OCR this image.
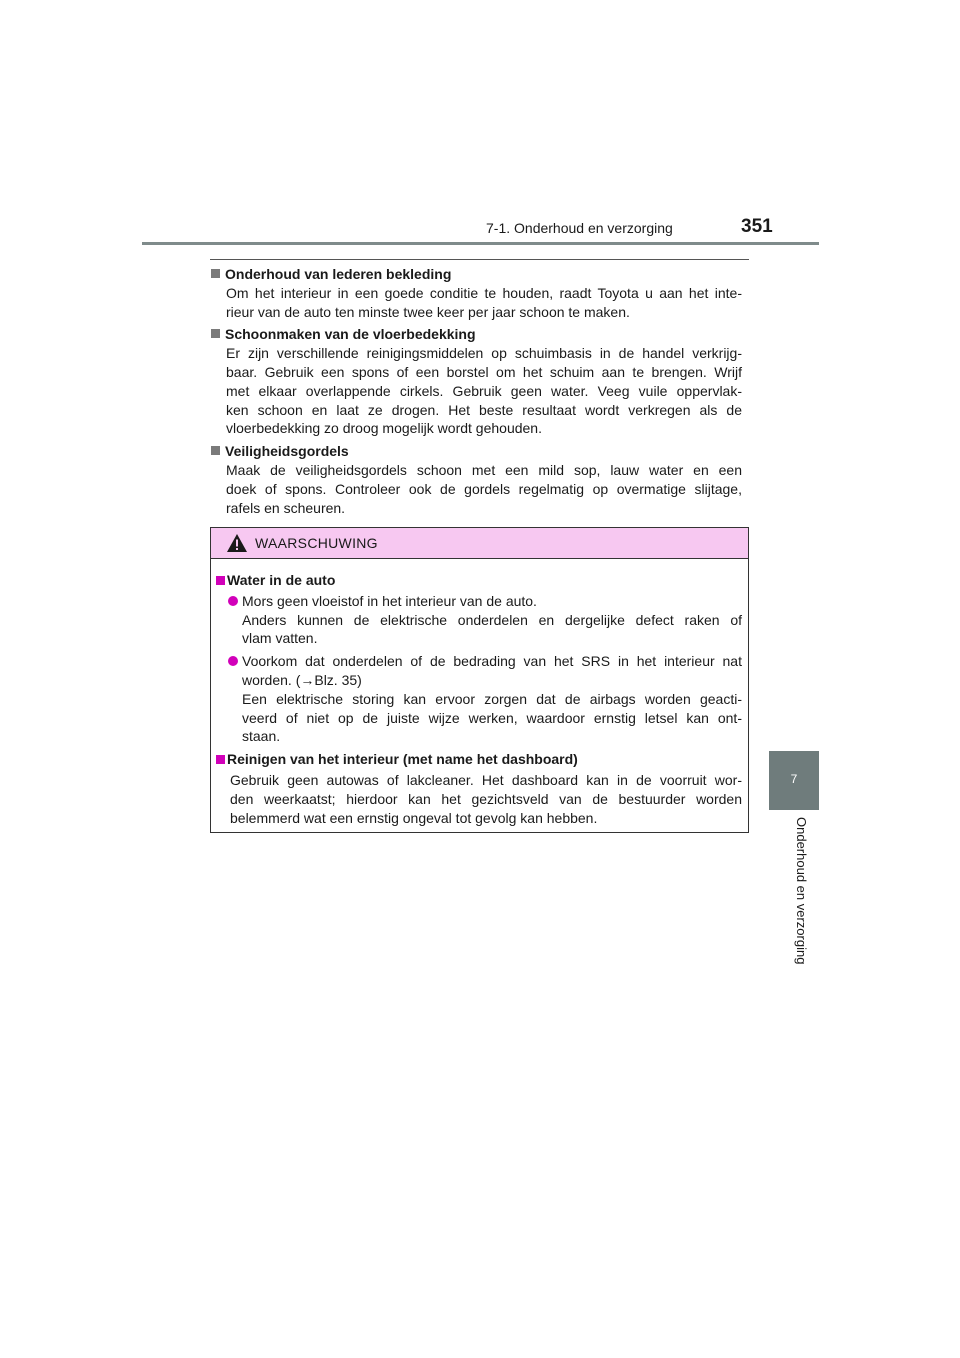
7-1. Onderhoud en verzorging	351
7
Onderhoud en verzorging

Onderhoud van lederen bekleding

Om het interieur in een goede conditie te houden, raadt Toyota u aan het inte-
rieur van de auto ten minste twee keer per jaar schoon te maken.

Schoonmaken van de vloerbedekking

Er zijn verschillende reinigingsmiddelen op schuimbasis in de handel verkrijg-
baar. Gebruik een spons of een borstel om het schuim aan te brengen. Wrijf
met elkaar overlappende cirkels. Gebruik geen water. Veeg vuile oppervlak-
ken schoon en laat ze drogen. Het beste resultaat wordt verkregen als de
vloerbedekking zo droog mogelijk wordt gehouden.

Veiligheidsgordels

Maak de veiligheidsgordels schoon met een mild sop, lauw water en een
doek of spons. Controleer ook de gordels regelmatig op overmatige slijtage,
rafels en scheuren.

WAARSCHUWING

Water in de auto

Mors geen vloeistof in het interieur van de auto.
Anders kunnen de elektrische onderdelen en dergelijke defect raken of
vlam vatten.
Voorkom dat onderdelen of de bedrading van het SRS in het interieur nat
worden. (→Blz. 35)
Een elektrische storing kan ervoor zorgen dat de airbags worden geacti-
veerd of niet op de juiste wijze werken, waardoor ernstig letsel kan ont-
staan.

Reinigen van het interieur (met name het dashboard)

Gebruik geen autowas of lakcleaner. Het dashboard kan in de voorruit wor-
den weerkaatst; hierdoor kan het gezichtsveld van de bestuurder worden
belemmerd wat een ernstig ongeval tot gevolg kan hebben.
